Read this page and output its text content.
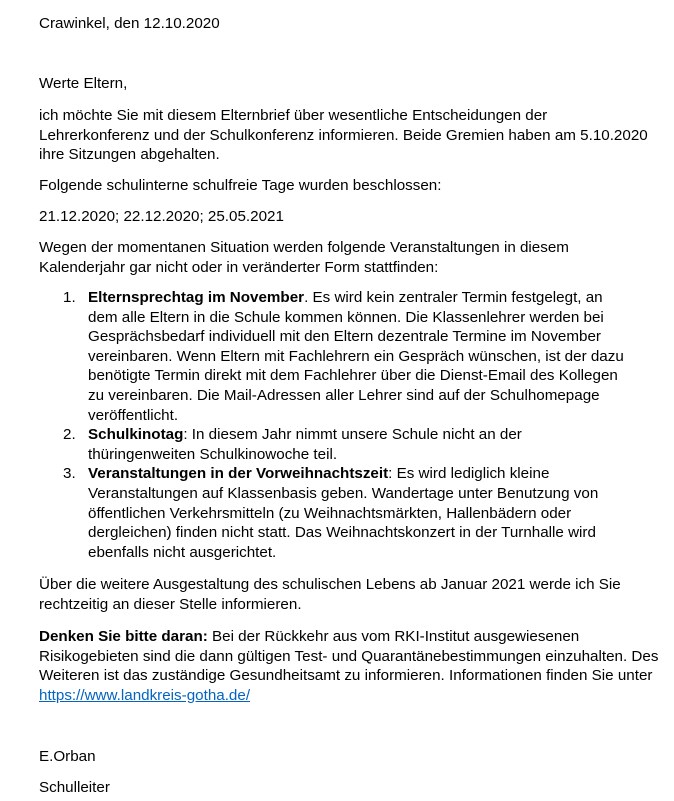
Crawinkel, den 12.10.2020

Werte Eltern,

ich möchte Sie mit diesem Elternbrief über wesentliche Entscheidungen der Lehrerkonferenz und der Schulkonferenz informieren. Beide Gremien haben am 5.10.2020 ihre Sitzungen abgehalten.

Folgende schulinterne schulfreie Tage wurden beschlossen:

21.12.2020; 22.12.2020; 25.05.2021

Wegen der momentanen Situation werden folgende Veranstaltungen in diesem Kalenderjahr gar nicht oder in veränderter Form stattfinden:

1. Elternsprechtag im November. Es wird kein zentraler Termin festgelegt, an dem alle Eltern in die Schule kommen können. Die Klassenlehrer werden bei Gesprächsbedarf individuell mit den Eltern dezentrale Termine im November vereinbaren. Wenn Eltern mit Fachlehrern ein Gespräch wünschen, ist der dazu benötigte Termin direkt mit dem Fachlehrer über die Dienst-Email des Kollegen zu vereinbaren. Die Mail-Adressen aller Lehrer sind auf der Schulhomepage veröffentlicht.
2. Schulkinotag: In diesem Jahr nimmt unsere Schule nicht an der thüringenweiten Schulkinowoche teil.
3. Veranstaltungen in der Vorweihnachtszeit: Es wird lediglich kleine Veranstaltungen auf Klassenbasis geben. Wandertage unter Benutzung von öffentlichen Verkehrsmitteln (zu Weihnachtsmärkten, Hallenbädern oder dergleichen) finden nicht statt. Das Weihnachtskonzert in der Turnhalle wird ebenfalls nicht ausgerichtet.

Über die weitere Ausgestaltung des schulischen Lebens ab Januar 2021 werde ich Sie rechtzeitig an dieser Stelle informieren.

Denken Sie bitte daran: Bei der Rückkehr aus vom RKI-Institut ausgewiesenen Risikogebieten sind die dann gültigen Test- und Quarantänebestimmungen einzuhalten. Des Weiteren ist das zuständige Gesundheitsamt zu informieren. Informationen finden Sie unter https://www.landkreis-gotha.de/

E.Orban

Schulleiter
